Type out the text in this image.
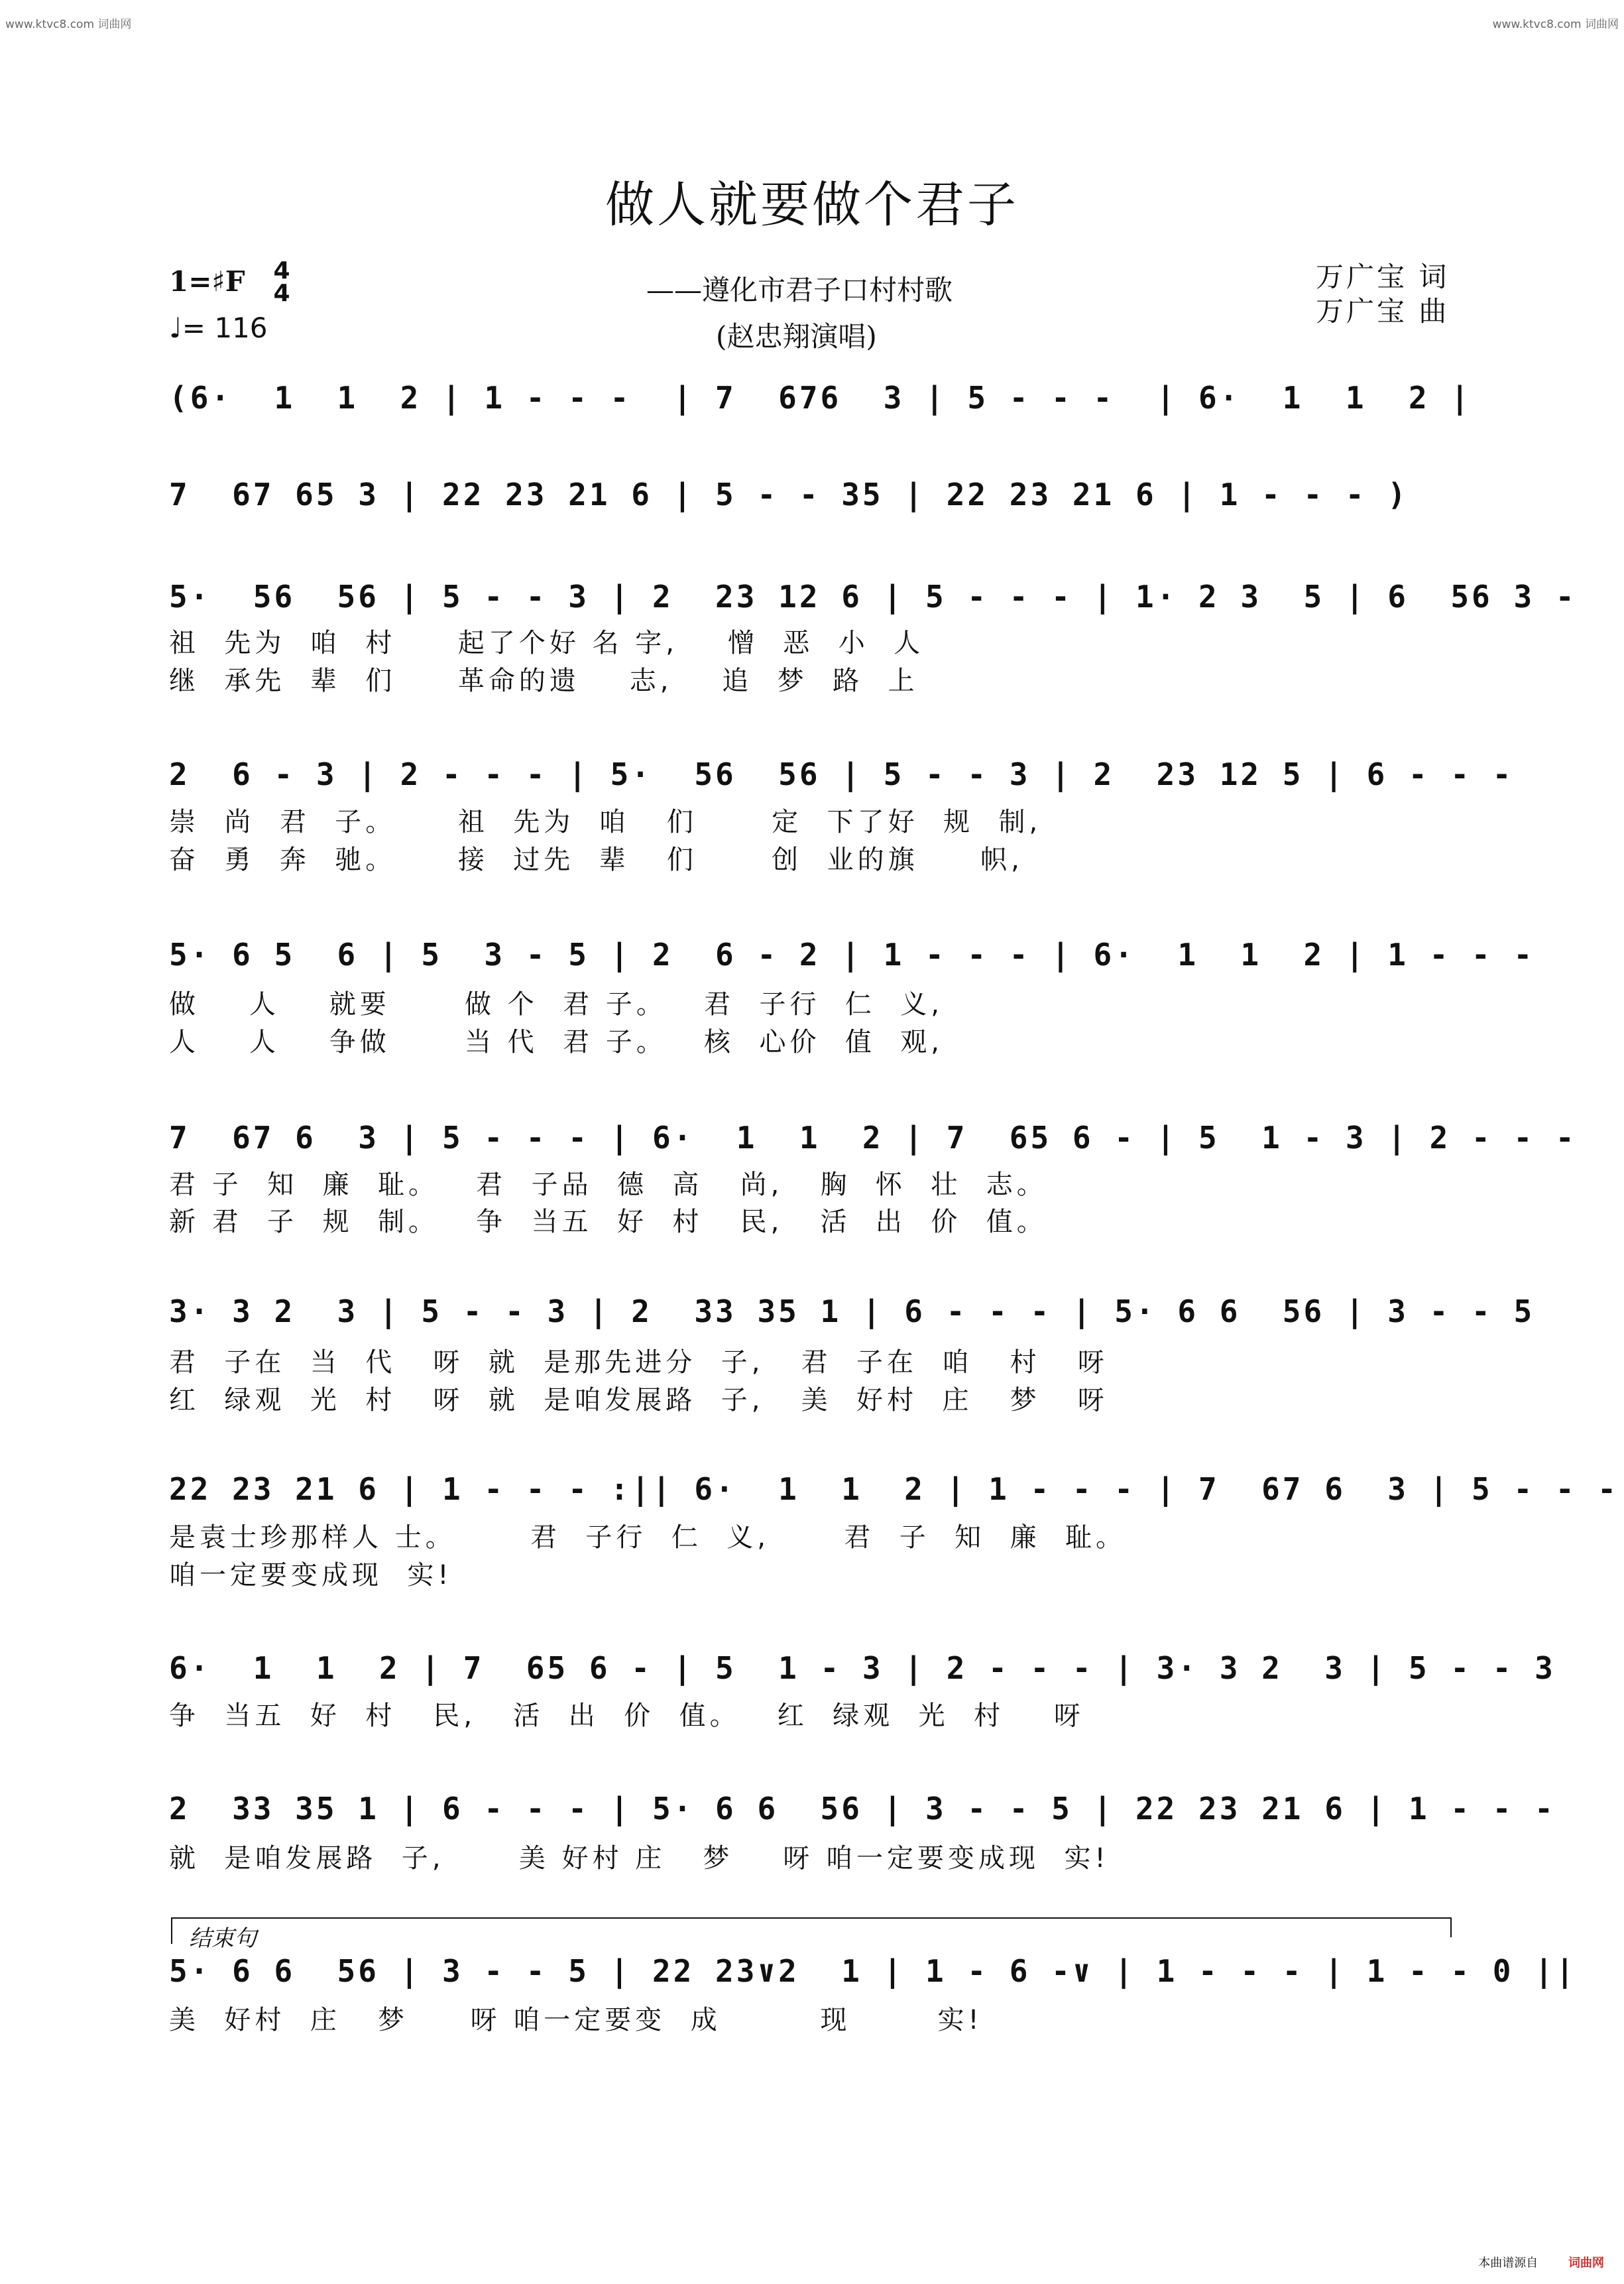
www.ktvc8.com 词曲网	www.ktvc8.com 词曲网
做人就要做个君子
1=♯F 4
4
♩= 116
——遵化市君子口村村歌
(赵忠翔演唱)
万广宝 词
万广宝 曲
(6·  1  1  2 | 1 - - -  | 7  676  3 | 5 - - -  | 6·  1  1  2 |
7  67 65 3 | 22 23 21 6 | 5 - - 35 | 22 23 21 6 | 1 - - - )
5·  56  56 | 5 - - 3 | 2  23 12 6 | 5 - - - | 1· 2 3  5 | 6  56 3 -
祖  先为  咱  村     起了个好 名 字,    憎  恶  小  人
继  承先  辈  们     革命的遗    志,    追  梦  路  上
2  6 - 3 | 2 - - - | 5·  56  56 | 5 - - 3 | 2  23 12 5 | 6 - - -
崇  尚  君  子。     祖  先为  咱   们      定  下了好  规  制,
奋  勇  奔  驰。     接  过先  辈   们      创  业的旗     帜,
5· 6 5  6 | 5  3 - 5 | 2  6 - 2 | 1 - - - | 6·  1  1  2 | 1 - - -
做    人    就要      做 个  君 子。   君  子行  仁  义,
人    人    争做      当 代  君 子。   核  心价  值  观,
7  67 6  3 | 5 - - - | 6·  1  1  2 | 7  65 6 - | 5  1 - 3 | 2 - - -
君 子  知  廉  耻。   君  子品  德  高   尚,   胸  怀  壮  志。
新 君  子  规  制。   争  当五  好  村   民,   活  出  价  值。
3· 3 2  3 | 5 - - 3 | 2  33 35 1 | 6 - - - | 5· 6 6  56 | 3 - - 5
君  子在  当  代   呀  就  是那先进分  子,   君  子在  咱   村   呀
红  绿观  光  村   呀  就  是咱发展路  子,   美  好村  庄   梦   呀
22 23 21 6 | 1 - - - :|| 6·  1  1  2 | 1 - - - | 7  67 6  3 | 5 - - -
是袁士珍那样人 士。      君  子行  仁  义,      君  子  知  廉  耻。
咱一定要变成现  实!
6·  1  1  2 | 7  65 6 - | 5  1 - 3 | 2 - - - | 3· 3 2  3 | 5 - - 3
争  当五  好  村   民,   活  出  价  值。   红  绿观  光  村    呀
2  33 35 1 | 6 - - - | 5· 6 6  56 | 3 - - 5 | 22 23 21 6 | 1 - - -
就  是咱发展路  子,      美 好村 庄   梦    呀 咱一定要变成现  实!
结束句
5· 6 6  56 | 3 - - 5 | 22 23∨2  1 | 1 - 6 -∨ | 1 - - - | 1 - - 0 ||
美  好村  庄   梦     呀 咱一定要变  成        现       实!
本曲谱源自	词曲网
